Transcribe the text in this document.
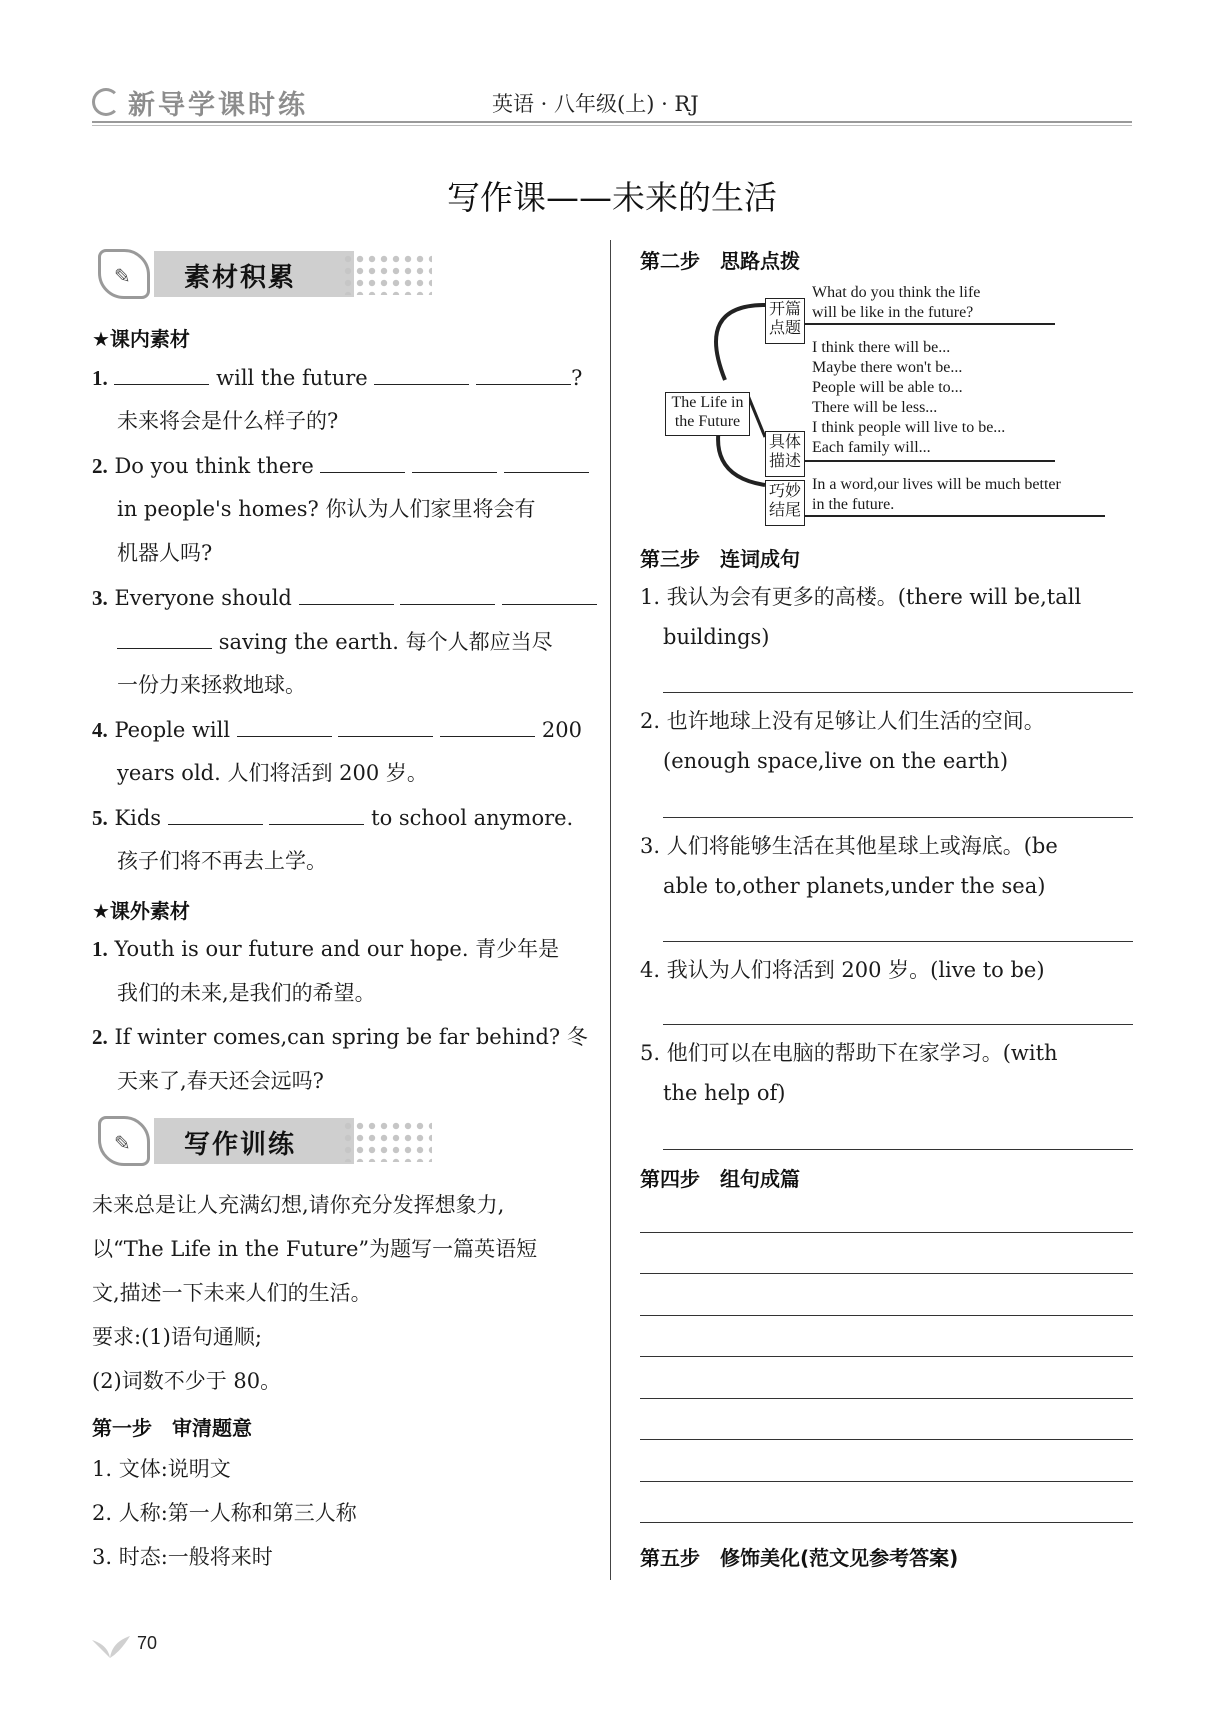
新导学课时练	英语 · 八年级(上) · RJ
写作课——未来的生活
✎ 素材积累
★课内素材
1.	will the future	?
未来将会是什么样子的?
2. Do you think there
in people's homes? 你认为人们家里将会有
机器人吗?
3. Everyone should
saving the earth. 每个人都应当尽
一份力来拯救地球。
4. People will	200
years old. 人们将活到 200 岁。
5. Kids	to school anymore.
孩子们将不再去上学。
★课外素材
1. Youth is our future and our hope. 青少年是
我们的未来,是我们的希望。
2. If winter comes,can spring be far behind? 冬
天来了,春天还会远吗?
✎ 写作训练
未来总是让人充满幻想,请你充分发挥想象力,
以“The Life in the Future”为题写一篇英语短
文,描述一下未来人们的生活。
要求:(1)语句通顺;
(2)词数不少于 80。
第一步　审清题意
1. 文体:说明文
2. 人称:第一人称和第三人称
3. 时态:一般将来时
第二步　思路点拨
The Life in the Future
开篇点题
具体描述
巧妙结尾
What do you think the life
will be like in the future?
I think there will be...
Maybe there won't be...
People will be able to...
There will be less...
I think people will live to be...
Each family will...
In a word,our lives will be much better
in the future.
第三步　连词成句
1. 我认为会有更多的高楼。(there will be,tall
buildings)
2. 也许地球上没有足够让人们生活的空间。
(enough space,live on the earth)
3. 人们将能够生活在其他星球上或海底。(be
able to,other planets,under the sea)
4. 我认为人们将活到 200 岁。(live to be)
5. 他们可以在电脑的帮助下在家学习。(with
the help of)
第四步　组句成篇
第五步　修饰美化(范文见参考答案)
70
